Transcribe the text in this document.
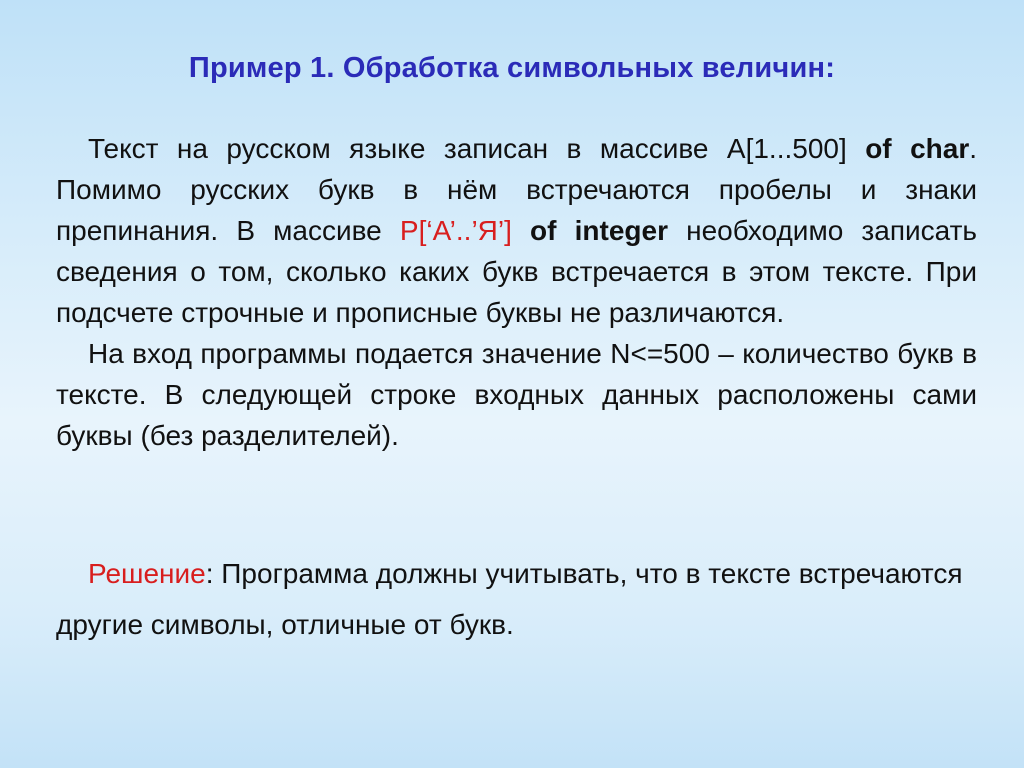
Пример 1. Обработка символьных величин:

Текст на русском языке записан в массиве A[1...500] of char. Помимо русских букв в нём встречаются пробелы и знаки препинания. В массиве P[‘А’..’Я’] of integer необходимо записать сведения о том, сколько каких букв встречается в этом тексте. При подсчете строчные и прописные буквы не различаются.

На вход программы подается значение N<=500 – количество букв в тексте. В следующей строке входных данных расположены сами буквы (без разделителей).

Решение: Программа должны учитывать, что в тексте встречаются другие символы, отличные от букв.
